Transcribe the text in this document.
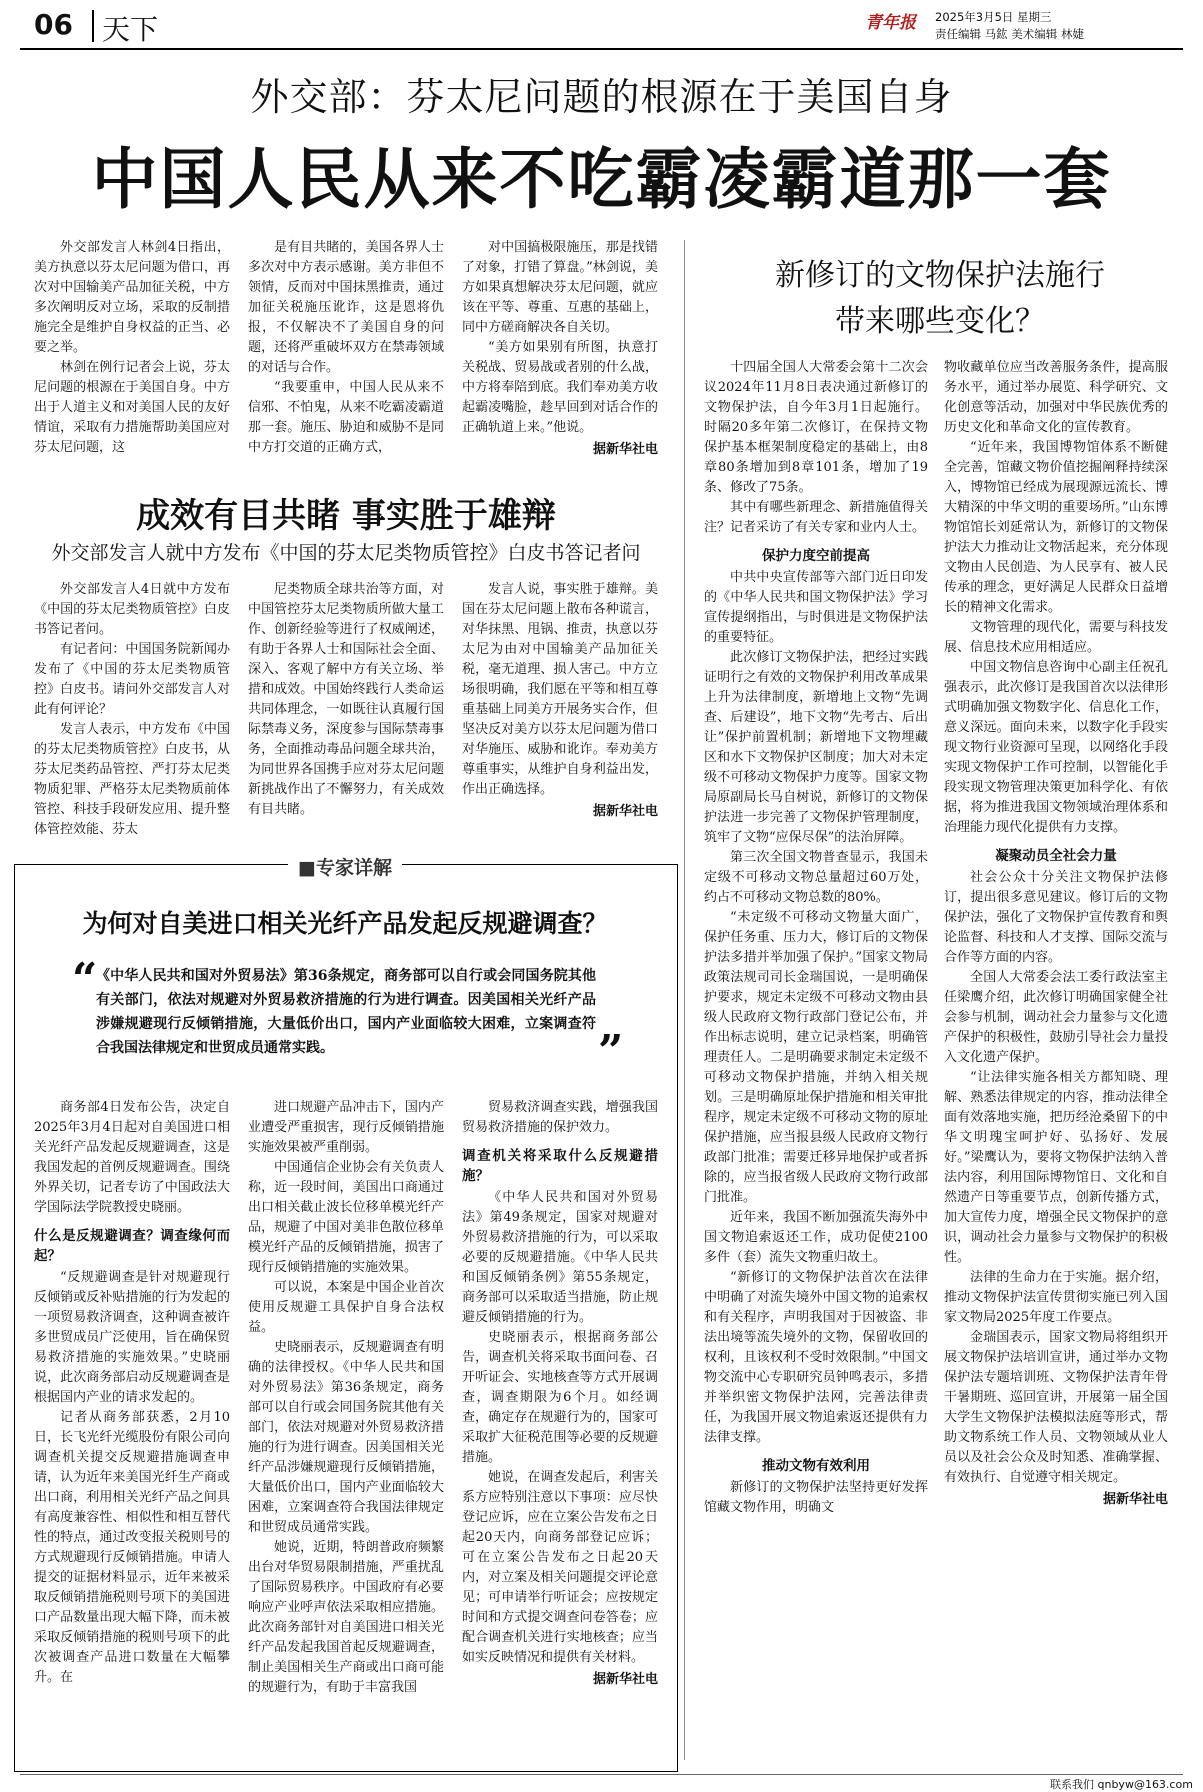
06 天下	青年报 2025年3月5日 星期三
责任编辑 马鈜 美术编辑 林婕
外交部：芬太尼问题的根源在于美国自身
中国人民从来不吃霸凌霸道那一套

外交部发言人林剑4日指出，美方执意以芬太尼问题为借口，再次对中国输美产品加征关税，中方多次阐明反对立场，采取的反制措施完全是维护自身权益的正当、必要之举。

林剑在例行记者会上说，芬太尼问题的根源在于美国自身。中方出于人道主义和对美国人民的友好情谊，采取有力措施帮助美国应对芬太尼问题，这

是有目共睹的，美国各界人士多次对中方表示感谢。美方非但不领情，反而对中国抹黑推责，通过加征关税施压讹诈，这是恩将仇报，不仅解决不了美国自身的问题，还将严重破坏双方在禁毒领域的对话与合作。

“我要重申，中国人民从来不信邪、不怕鬼，从来不吃霸凌霸道那一套。施压、胁迫和威胁不是同中方打交道的正确方式，

对中国搞极限施压，那是找错了对象，打错了算盘。”林剑说，美方如果真想解决芬太尼问题，就应该在平等、尊重、互惠的基础上，同中方磋商解决各自关切。

“美方如果别有所图，执意打关税战、贸易战或者别的什么战，中方将奉陪到底。我们奉劝美方收起霸凌嘴脸，趁早回到对话合作的正确轨道上来。”他说。

据新华社电

成效有目共睹 事实胜于雄辩
外交部发言人就中方发布《中国的芬太尼类物质管控》白皮书答记者问

外交部发言人4日就中方发布《中国的芬太尼类物质管控》白皮书答记者问。

有记者问：中国国务院新闻办发布了《中国的芬太尼类物质管控》白皮书。请问外交部发言人对此有何评论？

发言人表示，中方发布《中国的芬太尼类物质管控》白皮书，从芬太尼类药品管控、严打芬太尼类物质犯罪、严格芬太尼类物质前体管控、科技手段研发应用、提升整体管控效能、芬太

尼类物质全球共治等方面，对中国管控芬太尼类物质所做大量工作、创新经验等进行了权威阐述，有助于各界人士和国际社会全面、深入、客观了解中方有关立场、举措和成效。中国始终践行人类命运共同体理念，一如既往认真履行国际禁毒义务，深度参与国际禁毒事务，全面推动毒品问题全球共治，为同世界各国携手应对芬太尼问题新挑战作出了不懈努力，有关成效有目共睹。

发言人说，事实胜于雄辩。美国在芬太尼问题上散布各种谎言，对华抹黑、甩锅、推责，执意以芬太尼为由对中国输美产品加征关税，毫无道理、损人害己。中方立场很明确，我们愿在平等和相互尊重基础上同美方开展务实合作，但坚决反对美方以芬太尼问题为借口对华施压、威胁和讹诈。奉劝美方尊重事实，从维护自身利益出发，作出正确选择。

据新华社电

■专家详解
为何对自美进口相关光纤产品发起反规避调查？
“
《中华人民共和国对外贸易法》第36条规定，商务部可以自行或会同国务院其他有关部门，依法对规避对外贸易救济措施的行为进行调查。因美国相关光纤产品涉嫌规避现行反倾销措施，大量低价出口，国内产业面临较大困难，立案调查符合我国法律规定和世贸成员通常实践。	”

商务部4日发布公告，决定自2025年3月4日起对自美国进口相关光纤产品发起反规避调查，这是我国发起的首例反规避调查。围绕外界关切，记者专访了中国政法大学国际法学院教授史晓丽。

什么是反规避调查？调查缘何而起？

“反规避调查是针对规避现行反倾销或反补贴措施的行为发起的一项贸易救济调查，这种调查被许多世贸成员广泛使用，旨在确保贸易救济措施的实施效果。”史晓丽说，此次商务部启动反规避调查是根据国内产业的请求发起的。

记者从商务部获悉，2月10日，长飞光纤光缆股份有限公司向调查机关提交反规避措施调查申请，认为近年来美国光纤生产商或出口商，利用相关光纤产品之间具有高度兼容性、相似性和相互替代性的特点，通过改变报关税则号的方式规避现行反倾销措施。申请人提交的证据材料显示，近年来被采取反倾销措施税则号项下的美国进口产品数量出现大幅下降，而未被采取反倾销措施的税则号项下的此次被调查产品进口数量在大幅攀升。在

进口规避产品冲击下，国内产业遭受严重损害，现行反倾销措施实施效果被严重削弱。

中国通信企业协会有关负责人称，近一段时间，美国出口商通过出口相关截止波长位移单模光纤产品，规避了中国对美非色散位移单模光纤产品的反倾销措施，损害了现行反倾销措施的实施效果。

可以说，本案是中国企业首次使用反规避工具保护自身合法权益。

史晓丽表示，反规避调查有明确的法律授权。《中华人民共和国对外贸易法》第36条规定，商务部可以自行或会同国务院其他有关部门，依法对规避对外贸易救济措施的行为进行调查。因美国相关光纤产品涉嫌规避现行反倾销措施，大量低价出口，国内产业面临较大困难，立案调查符合我国法律规定和世贸成员通常实践。

她说，近期，特朗普政府频繁出台对华贸易限制措施，严重扰乱了国际贸易秩序。中国政府有必要响应产业呼声依法采取相应措施。此次商务部针对自美国进口相关光纤产品发起我国首起反规避调查，制止美国相关生产商或出口商可能的规避行为，有助于丰富我国

贸易救济调查实践，增强我国贸易救济措施的保护效力。

调查机关将采取什么反规避措施？

《中华人民共和国对外贸易法》第49条规定，国家对规避对外贸易救济措施的行为，可以采取必要的反规避措施。《中华人民共和国反倾销条例》第55条规定，商务部可以采取适当措施，防止规避反倾销措施的行为。

史晓丽表示，根据商务部公告，调查机关将采取书面问卷、召开听证会、实地核查等方式开展调查，调查期限为6个月。如经调查，确定存在规避行为的，国家可采取扩大征税范围等必要的反规避措施。

她说，在调查发起后，利害关系方应特别注意以下事项：应尽快登记应诉，应在立案公告发布之日起20天内，向商务部登记应诉；可在立案公告发布之日起20天内，对立案及相关问题提交评论意见；可申请举行听证会；应按规定时间和方式提交调查问卷答卷；应配合调查机关进行实地核查；应当如实反映情况和提供有关材料。

据新华社电

新修订的文物保护法施行
带来哪些变化？

十四届全国人大常委会第十二次会议2024年11月8日表决通过新修订的文物保护法，自今年3月1日起施行。时隔20多年第二次修订，在保持文物保护基本框架制度稳定的基础上，由8章80条增加到8章101条，增加了19条、修改了75条。

其中有哪些新理念、新措施值得关注？记者采访了有关专家和业内人士。

保护力度空前提高

中共中央宣传部等六部门近日印发的《中华人民共和国文物保护法》学习宣传提纲指出，与时俱进是文物保护法的重要特征。

此次修订文物保护法，把经过实践证明行之有效的文物保护利用改革成果上升为法律制度，新增地上文物“先调查、后建设”，地下文物“先考古、后出让”保护前置机制；新增地下文物埋藏区和水下文物保护区制度；加大对未定级不可移动文物保护力度等。国家文物局原副局长马自树说，新修订的文物保护法进一步完善了文物保护管理制度，筑牢了文物“应保尽保”的法治屏障。

第三次全国文物普查显示，我国未定级不可移动文物总量超过60万处，约占不可移动文物总数的80%。

“未定级不可移动文物量大面广，保护任务重、压力大，修订后的文物保护法多措并举加强了保护。”国家文物局政策法规司司长金瑞国说，一是明确保护要求，规定未定级不可移动文物由县级人民政府文物行政部门登记公布，并作出标志说明，建立记录档案，明确管理责任人。二是明确要求制定未定级不可移动文物保护措施，并纳入相关规划。三是明确原址保护措施和相关审批程序，规定未定级不可移动文物的原址保护措施，应当报县级人民政府文物行政部门批准；需要迁移异地保护或者拆除的，应当报省级人民政府文物行政部门批准。

近年来，我国不断加强流失海外中国文物追索返还工作，成功促使2100多件（套）流失文物重归故土。

“新修订的文物保护法首次在法律中明确了对流失境外中国文物的追索权和有关程序，声明我国对于因被盗、非法出境等流失境外的文物，保留收回的权利，且该权利不受时效限制。”中国文物交流中心专职研究员钟鸣表示，多措并举织密文物保护法网，完善法律责任，为我国开展文物追索返还提供有力法律支撑。

推动文物有效利用

新修订的文物保护法坚持更好发挥馆藏文物作用，明确文

物收藏单位应当改善服务条件，提高服务水平，通过举办展览、科学研究、文化创意等活动，加强对中华民族优秀的历史文化和革命文化的宣传教育。

“近年来，我国博物馆体系不断健全完善，馆藏文物价值挖掘阐释持续深入，博物馆已经成为展现源远流长、博大精深的中华文明的重要场所。”山东博物馆馆长刘延常认为，新修订的文物保护法大力推动让文物活起来，充分体现文物由人民创造、为人民享有、被人民传承的理念，更好满足人民群众日益增长的精神文化需求。

文物管理的现代化，需要与科技发展、信息技术应用相适应。

中国文物信息咨询中心副主任祝孔强表示，此次修订是我国首次以法律形式明确加强文物数字化、信息化工作，意义深远。面向未来，以数字化手段实现文物行业资源可呈现，以网络化手段实现文物保护工作可控制，以智能化手段实现文物管理决策更加科学化、有依据，将为推进我国文物领域治理体系和治理能力现代化提供有力支撑。

凝聚动员全社会力量

社会公众十分关注文物保护法修订，提出很多意见建议。修订后的文物保护法，强化了文物保护宣传教育和舆论监督、科技和人才支撑、国际交流与合作等方面的内容。

全国人大常委会法工委行政法室主任梁鹰介绍，此次修订明确国家健全社会参与机制，调动社会力量参与文化遗产保护的积极性，鼓励引导社会力量投入文化遗产保护。

“让法律实施各相关方都知晓、理解、熟悉法律规定的内容，推动法律全面有效落地实施，把历经沧桑留下的中华文明瑰宝呵护好、弘扬好、发展好。”梁鹰认为，要将文物保护法纳入普法内容，利用国际博物馆日、文化和自然遗产日等重要节点，创新传播方式，加大宣传力度，增强全民文物保护的意识，调动社会力量参与文物保护的积极性。

法律的生命力在于实施。据介绍，推动文物保护法宣传贯彻实施已列入国家文物局2025年度工作要点。

金瑞国表示，国家文物局将组织开展文物保护法培训宣讲，通过举办文物保护法专题培训班、文物保护法青年骨干暑期班、巡回宣讲，开展第一届全国大学生文物保护法模拟法庭等形式，帮助文物系统工作人员、文物领域从业人员以及社会公众及时知悉、准确掌握、有效执行、自觉遵守相关规定。

据新华社电

联系我们 qnbyw@163.com
